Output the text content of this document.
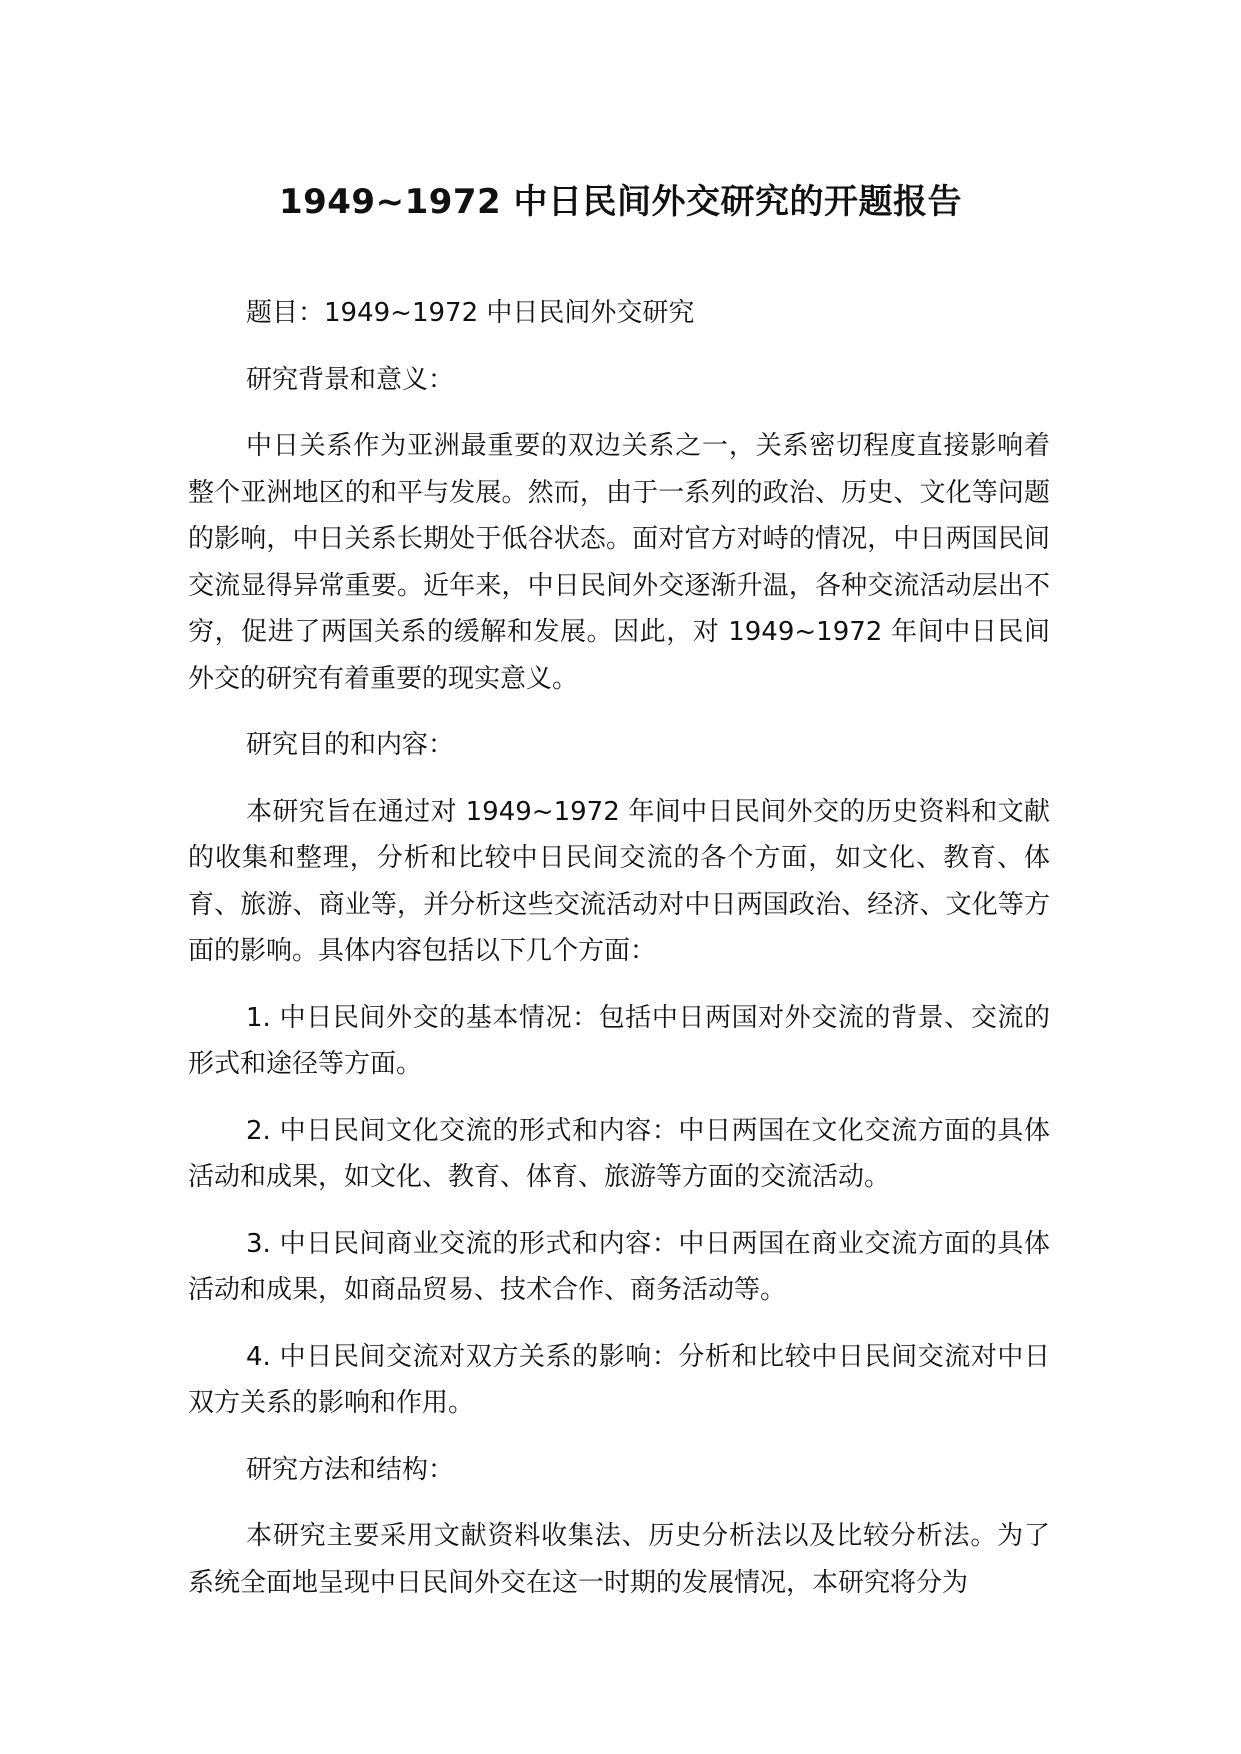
1949~1972 中日民间外交研究的开题报告

题目：1949~1972 中日民间外交研究

研究背景和意义：

中日关系作为亚洲最重要的双边关系之一，关系密切程度直接影响着整个亚洲地区的和平与发展。然而，由于一系列的政治、历史、文化等问题的影响，中日关系长期处于低谷状态。面对官方对峙的情况，中日两国民间交流显得异常重要。近年来，中日民间外交逐渐升温，各种交流活动层出不穷，促进了两国关系的缓解和发展。因此，对 1949~1972 年间中日民间外交的研究有着重要的现实意义。

研究目的和内容：

本研究旨在通过对 1949~1972 年间中日民间外交的历史资料和文献的收集和整理，分析和比较中日民间交流的各个方面，如文化、教育、体育、旅游、商业等，并分析这些交流活动对中日两国政治、经济、文化等方面的影响。具体内容包括以下几个方面：

1. 中日民间外交的基本情况：包括中日两国对外交流的背景、交流的形式和途径等方面。

2. 中日民间文化交流的形式和内容：中日两国在文化交流方面的具体活动和成果，如文化、教育、体育、旅游等方面的交流活动。

3. 中日民间商业交流的形式和内容：中日两国在商业交流方面的具体活动和成果，如商品贸易、技术合作、商务活动等。

4. 中日民间交流对双方关系的影响：分析和比较中日民间交流对中日双方关系的影响和作用。

研究方法和结构：

本研究主要采用文献资料收集法、历史分析法以及比较分析法。为了系统全面地呈现中日民间外交在这一时期的发展情况，本研究将分为
